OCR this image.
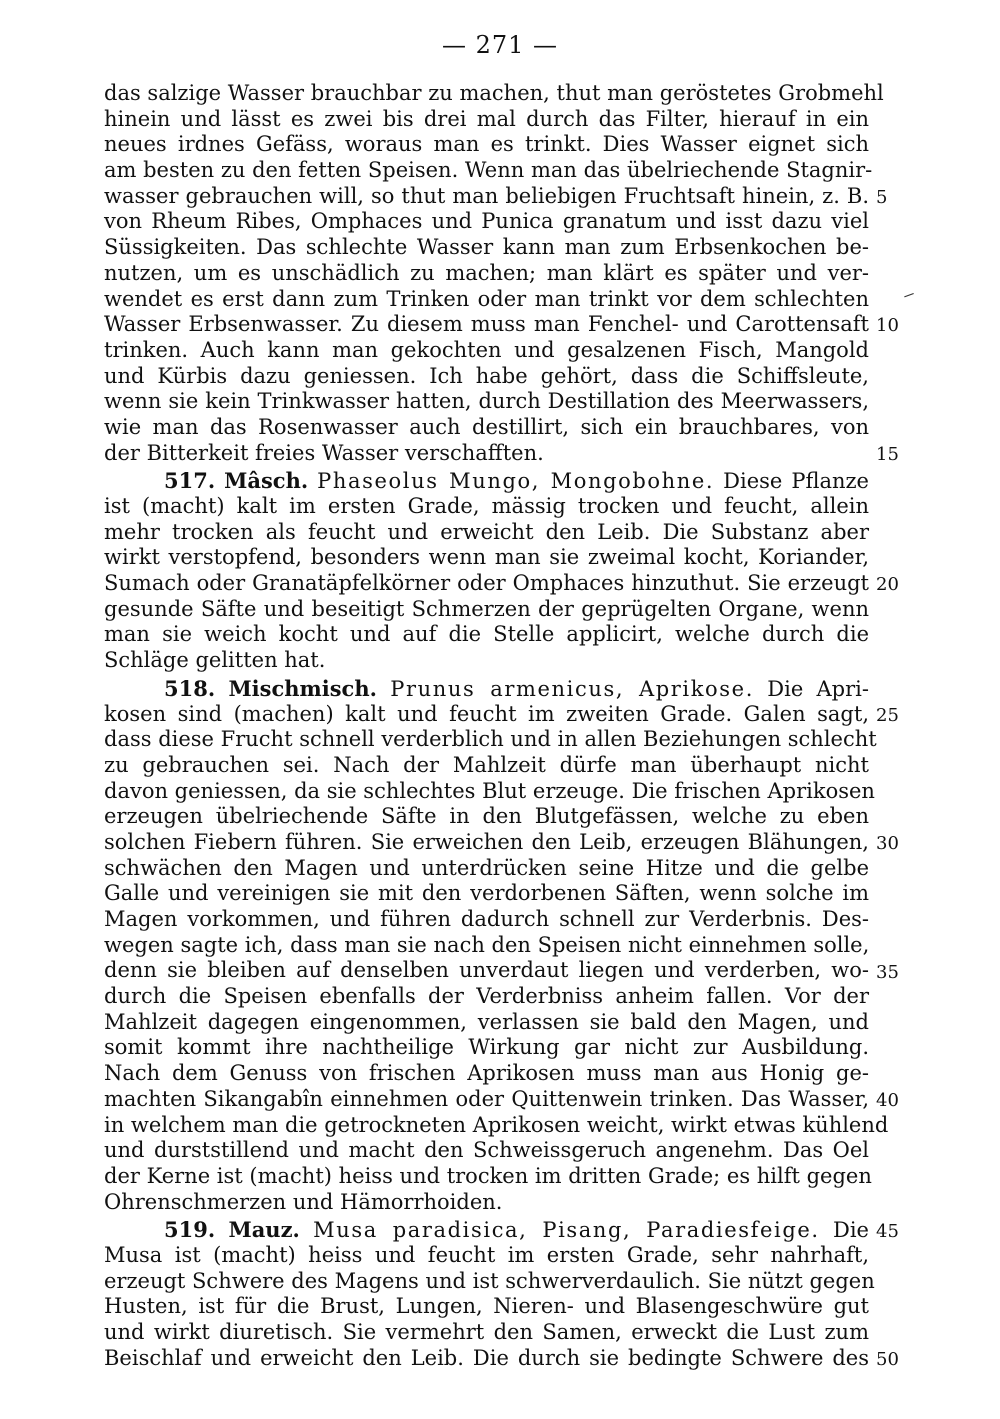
— 271 —
das salzige Wasser brauchbar zu machen, thut man geröstetes Grobmehl
hinein und lässt es zwei bis drei mal durch das Filter, hierauf in ein
neues irdnes Gefäss, woraus man es trinkt. Dies Wasser eignet sich
am besten zu den fetten Speisen. Wenn man das übelriechende Stagnir-
wasser gebrauchen will, so thut man beliebigen Fruchtsaft hinein, z. B.
von Rheum Ribes, Omphaces und Punica granatum und isst dazu viel
Süssigkeiten. Das schlechte Wasser kann man zum Erbsenkochen be-
nutzen, um es unschädlich zu machen; man klärt es später und ver-
wendet es erst dann zum Trinken oder man trinkt vor dem schlechten
Wasser Erbsenwasser. Zu diesem muss man Fenchel- und Carottensaft
trinken. Auch kann man gekochten und gesalzenen Fisch, Mangold
und Kürbis dazu geniessen. Ich habe gehört, dass die Schiffsleute,
wenn sie kein Trinkwasser hatten, durch Destillation des Meerwassers,
wie man das Rosenwasser auch destillirt, sich ein brauchbares, von
der Bitterkeit freies Wasser verschafften.
517. Mâsch. Phaseolus Mungo, Mongobohne. Diese Pflanze
ist (macht) kalt im ersten Grade, mässig trocken und feucht, allein
mehr trocken als feucht und erweicht den Leib. Die Substanz aber
wirkt verstopfend, besonders wenn man sie zweimal kocht, Koriander,
Sumach oder Granatäpfelkörner oder Omphaces hinzuthut. Sie erzeugt
gesunde Säfte und beseitigt Schmerzen der geprügelten Organe, wenn
man sie weich kocht und auf die Stelle applicirt, welche durch die
Schläge gelitten hat.
518. Mischmisch. Prunus armenicus, Aprikose. Die Apri-
kosen sind (machen) kalt und feucht im zweiten Grade. Galen sagt,
dass diese Frucht schnell verderblich und in allen Beziehungen schlecht
zu gebrauchen sei. Nach der Mahlzeit dürfe man überhaupt nicht
davon geniessen, da sie schlechtes Blut erzeuge. Die frischen Aprikosen
erzeugen übelriechende Säfte in den Blutgefässen, welche zu eben
solchen Fiebern führen. Sie erweichen den Leib, erzeugen Blähungen,
schwächen den Magen und unterdrücken seine Hitze und die gelbe
Galle und vereinigen sie mit den verdorbenen Säften, wenn solche im
Magen vorkommen, und führen dadurch schnell zur Verderbnis. Des-
wegen sagte ich, dass man sie nach den Speisen nicht einnehmen solle,
denn sie bleiben auf denselben unverdaut liegen und verderben, wo-
durch die Speisen ebenfalls der Verderbniss anheim fallen. Vor der
Mahlzeit dagegen eingenommen, verlassen sie bald den Magen, und
somit kommt ihre nachtheilige Wirkung gar nicht zur Ausbildung.
Nach dem Genuss von frischen Aprikosen muss man aus Honig ge-
machten Sikangabîn einnehmen oder Quittenwein trinken. Das Wasser,
in welchem man die getrockneten Aprikosen weicht, wirkt etwas kühlend
und durststillend und macht den Schweissgeruch angenehm. Das Oel
der Kerne ist (macht) heiss und trocken im dritten Grade; es hilft gegen
Ohrenschmerzen und Hämorrhoiden.
519. Mauz. Musa paradisica, Pisang, Paradiesfeige. Die
Musa ist (macht) heiss und feucht im ersten Grade, sehr nahrhaft,
erzeugt Schwere des Magens und ist schwerverdaulich. Sie nützt gegen
Husten, ist für die Brust, Lungen, Nieren- und Blasengeschwüre gut
und wirkt diuretisch. Sie vermehrt den Samen, erweckt die Lust zum
Beischlaf und erweicht den Leib. Die durch sie bedingte Schwere des
5
10
15
20
25
30
35
40
45
50
‒
